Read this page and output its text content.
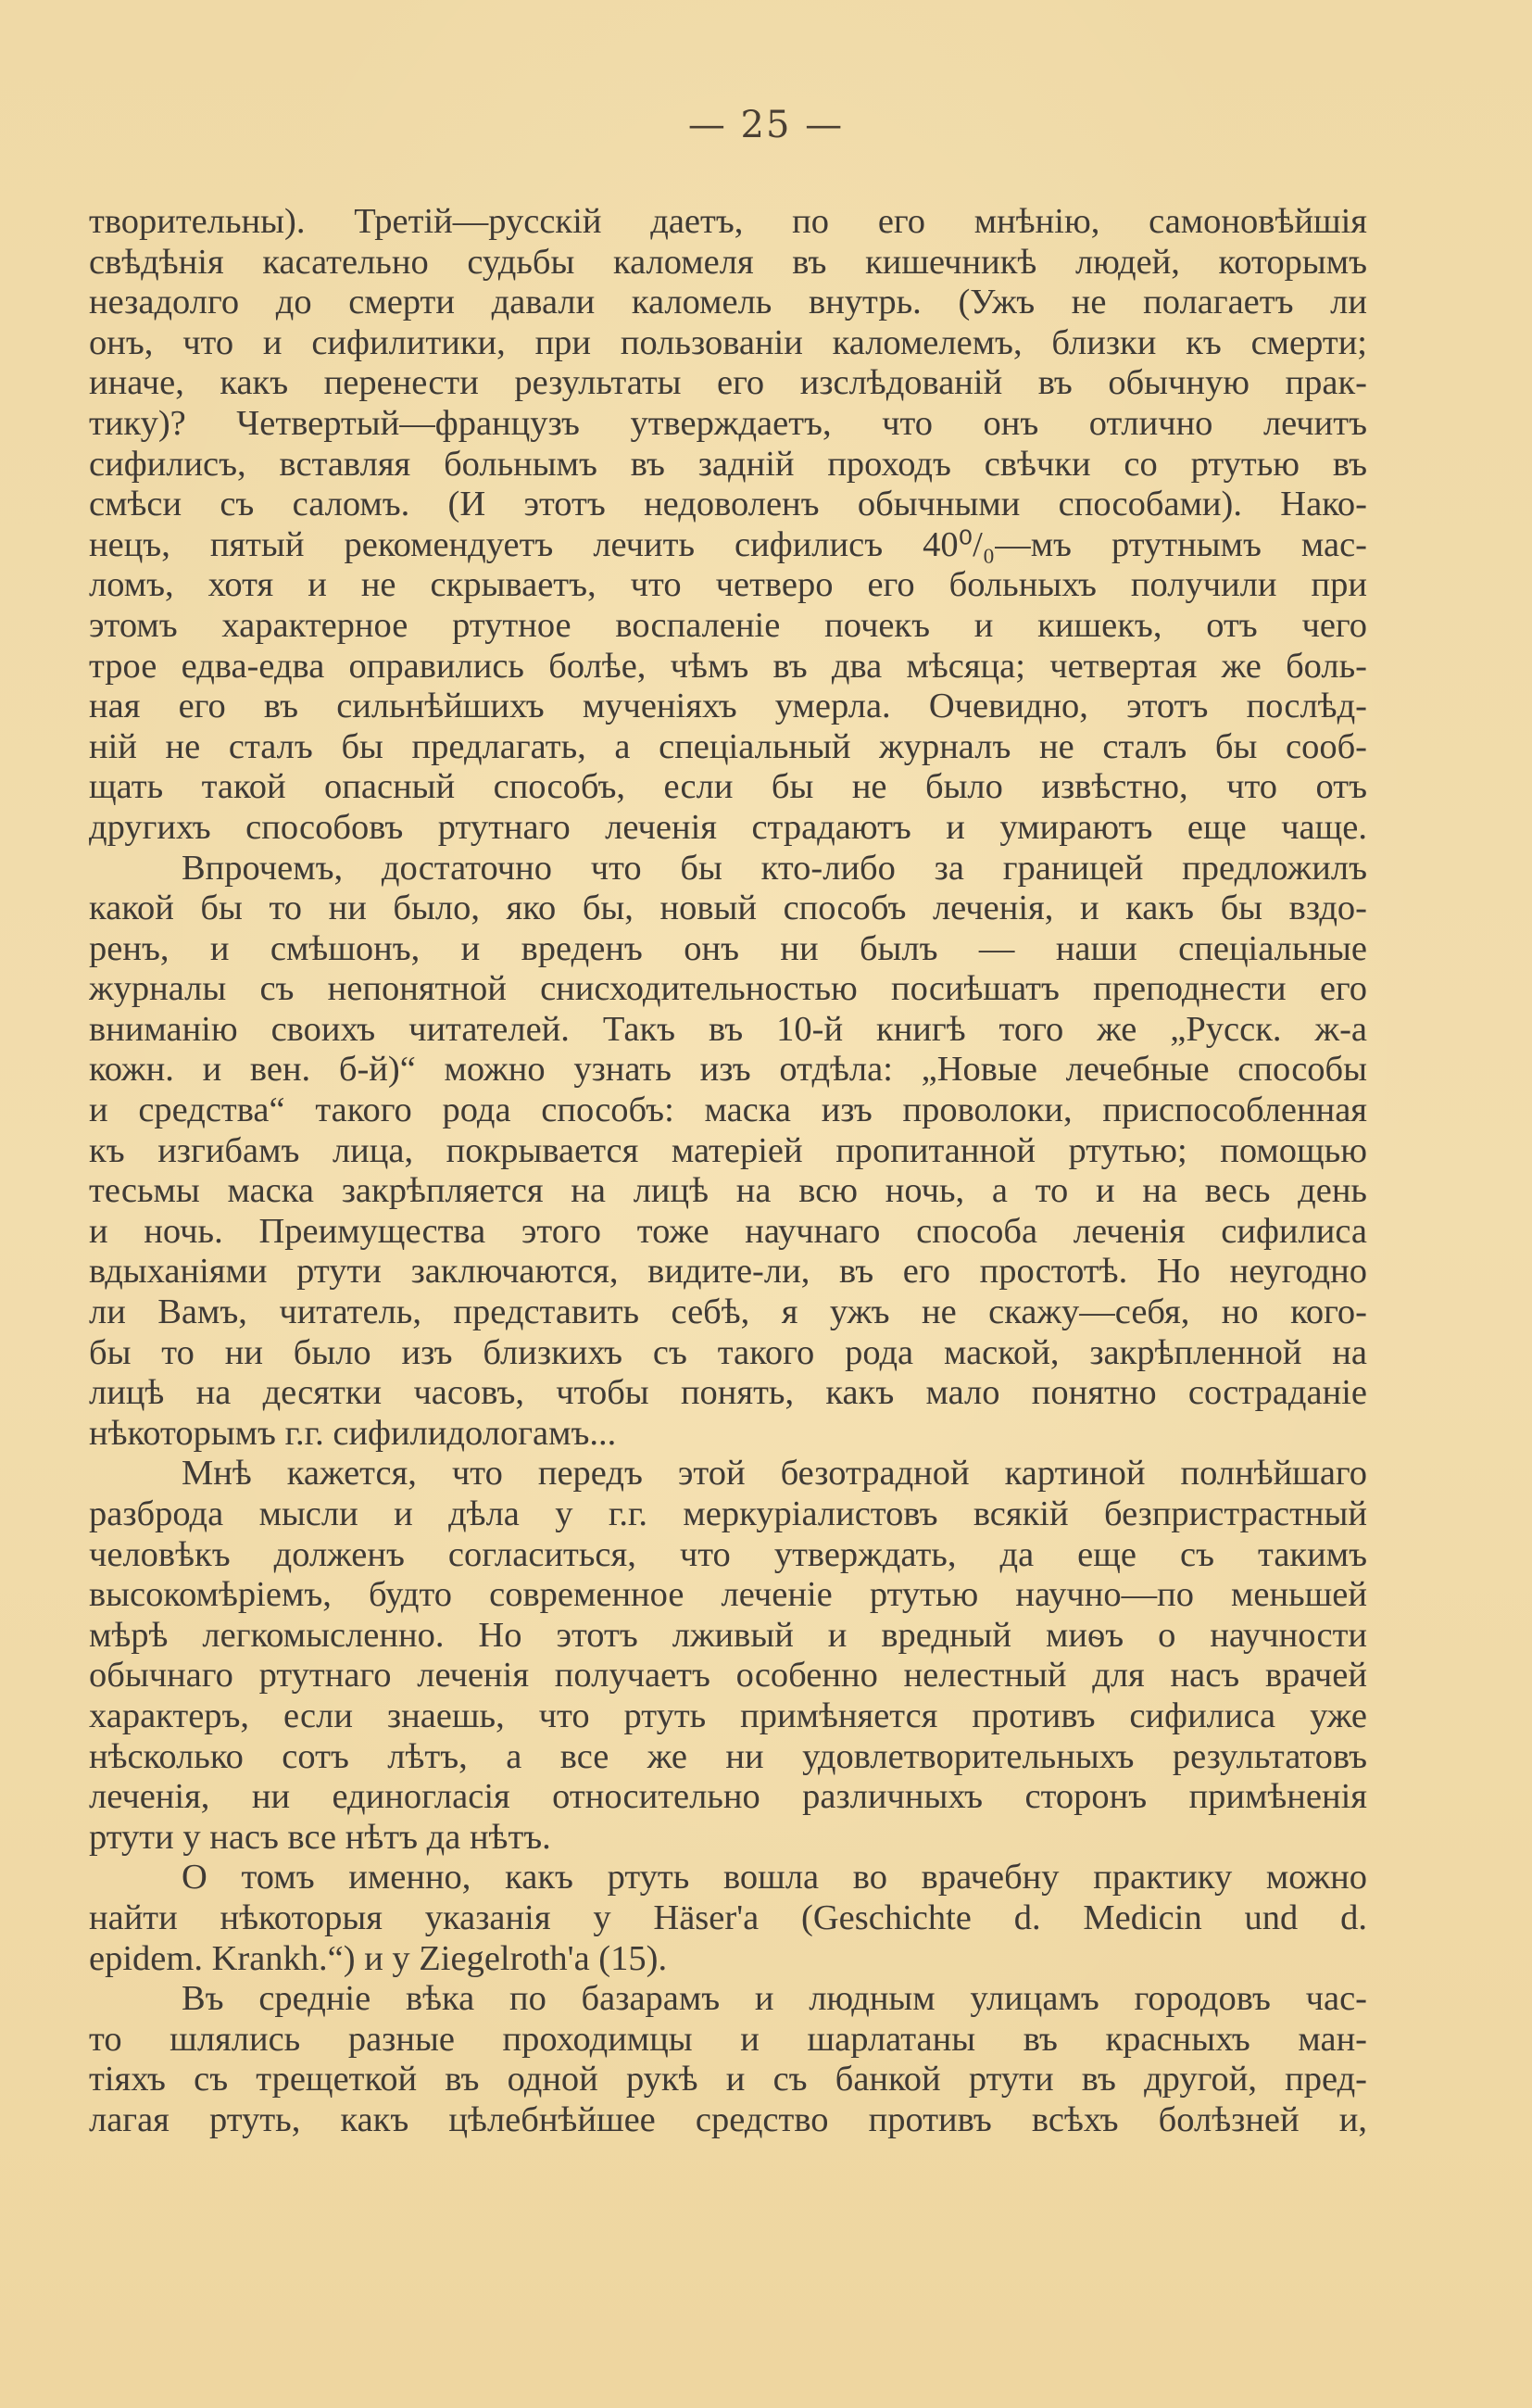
— 25 —
творительны). Третій—русскій даетъ, по его мнѣнію, самоновѣйшія
свѣдѣнія касательно судьбы каломеля въ кишечникѣ людей, которымъ
незадолго до смерти давали каломель внутрь. (Ужъ не полагаетъ ли
онъ, что и сифилитики, при пользованіи каломелемъ, близки къ смерти;
иначе, какъ перенести результаты его изслѣдованій въ обычную прак-
тику)? Четвертый—французъ утверждаетъ, что онъ отлично лечитъ
сифилисъ, вставляя больнымъ въ задній проходъ свѣчки со ртутью въ
смѣси съ саломъ. (И этотъ недоволенъ обычными способами). Нако-
нецъ, пятый рекомендуетъ лечить сифилисъ 40⁰/₀—мъ ртутнымъ мас-
ломъ, хотя и не скрываетъ, что четверо его больныхъ получили при
этомъ характерное ртутное воспаленіе почекъ и кишекъ, отъ чего
трое едва-едва оправились болѣе, чѣмъ въ два мѣсяца; четвертая же боль-
ная его въ сильнѣйшихъ мученіяхъ умерла. Очевидно, этотъ послѣд-
ній не сталъ бы предлагать, а спеціальный журналъ не сталъ бы сооб-
щать такой опасный способъ, если бы не было извѣстно, что отъ
другихъ способовъ ртутнаго леченія страдаютъ и умираютъ еще чаще.
Впрочемъ, достаточно что бы кто-либо за границей предложилъ
какой бы то ни было, яко бы, новый способъ леченія, и какъ бы вздо-
ренъ, и смѣшонъ, и вреденъ онъ ни былъ — наши спеціальные
журналы съ непонятной снисходительностью посиѣшатъ преподнести его
вниманію своихъ читателей. Такъ въ 10-й книгѣ того же „Русск. ж-а
кожн. и вен. б-й)“ можно узнать изъ отдѣла: „Новые лечебные способы
и средства“ такого рода способъ: маска изъ проволоки, приспособленная
къ изгибамъ лица, покрывается матеріей пропитанной ртутью; помощью
тесьмы маска закрѣпляется на лицѣ на всю ночь, а то и на весь день
и ночь. Преимущества этого тоже научнаго способа леченія сифилиса
вдыханіями ртути заключаются, видите-ли, въ его простотѣ. Но неугодно
ли Вамъ, читатель, представить себѣ, я ужъ не скажу—себя, но кого-
бы то ни было изъ близкихъ съ такого рода маской, закрѣпленной на
лицѣ на десятки часовъ, чтобы понять, какъ мало понятно состраданіе
нѣкоторымъ г.г. сифилидологамъ...
Мнѣ кажется, что передъ этой безотрадной картиной полнѣйшаго
разброда мысли и дѣла у г.г. меркуріалистовъ всякій безпристрастный
человѣкъ долженъ согласиться, что утверждать, да еще съ такимъ
высокомѣріемъ, будто современное леченіе ртутью научно—по меньшей
мѣрѣ легкомысленно. Но этотъ лживый и вредный миѳъ о научности
обычнаго ртутнаго леченія получаетъ особенно нелестный для насъ врачей
характеръ, если знаешь, что ртуть примѣняется противъ сифилиса уже
нѣсколько сотъ лѣтъ, а все же ни удовлетворительныхъ результатовъ
леченія, ни единогласія относительно различныхъ сторонъ примѣненія
ртути у насъ все нѣтъ да нѣтъ.
О томъ именно, какъ ртуть вошла во врачебну практику можно
найти нѣкоторыя указанія у Häser'a (Geschichte d. Medicin und d.
epidem. Krankh.“) и у Ziegelroth'a (15).
Въ средніе вѣка по базарамъ и людным улицамъ городовъ час-
то шлялись разные проходимцы и шарлатаны въ красныхъ ман-
тіяхъ съ трещеткой въ одной рукѣ и съ банкой ртути въ другой, пред-
лагая ртуть, какъ цѣлебнѣйшее средство противъ всѣхъ болѣзней и,
